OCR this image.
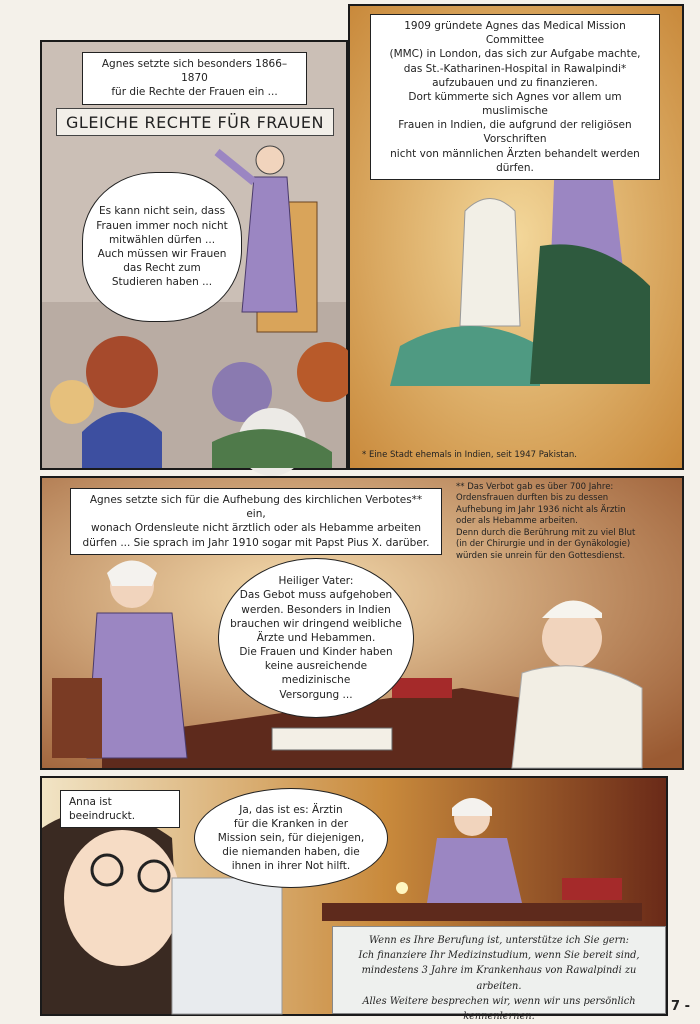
Agnes setzte sich besonders 1866–1870
für die Rechte der Frauen ein ...
GLEICHE RECHTE FÜR FRAUEN
Es kann nicht sein, dass
Frauen immer noch nicht
mitwählen dürfen ...
Auch müssen wir Frauen
das Recht zum
Studieren haben ...
1909 gründete Agnes das Medical Mission Committee
(MMC) in London, das sich zur Aufgabe machte,
das St.-Katharinen-Hospital in Rawalpindi*
aufzubauen und zu finanzieren.
Dort kümmerte sich Agnes vor allem um muslimische
Frauen in Indien, die aufgrund der religiösen Vorschriften
nicht von männlichen Ärzten behandelt werden dürfen.
* Eine Stadt ehemals in Indien, seit 1947 Pakistan.
Agnes setzte sich für die Aufhebung des kirchlichen Verbotes** ein,
wonach Ordensleute nicht ärztlich oder als Hebamme arbeiten
dürfen ... Sie sprach im Jahr 1910 sogar mit Papst Pius X. darüber.
** Das Verbot gab es über 700 Jahre:
Ordensfrauen durften bis zu dessen
Aufhebung im Jahr 1936 nicht als Ärztin
oder als Hebamme arbeiten.
Denn durch die Berührung mit zu viel Blut
(in der Chirurgie und in der Gynäkologie)
würden sie unrein für den Gottesdienst.
Heiliger Vater:
Das Gebot muss aufgehoben
werden. Besonders in Indien
brauchen wir dringend weibliche
Ärzte und Hebammen.
Die Frauen und Kinder haben
keine ausreichende
medizinische
Versorgung ...
Anna ist beeindruckt.
Ja, das ist es: Ärztin
für die Kranken in der
Mission sein, für diejenigen,
die niemanden haben, die
ihnen in ihrer Not hilft.
Wenn es Ihre Berufung ist, unterstütze ich Sie gern:
Ich finanziere Ihr Medizinstudium, wenn Sie bereit sind,
mindestens 3 Jahre im Krankenhaus von Rawalpindi zu arbeiten.
Alles Weitere besprechen wir, wenn wir uns persönlich kennenlernen.
7 -
